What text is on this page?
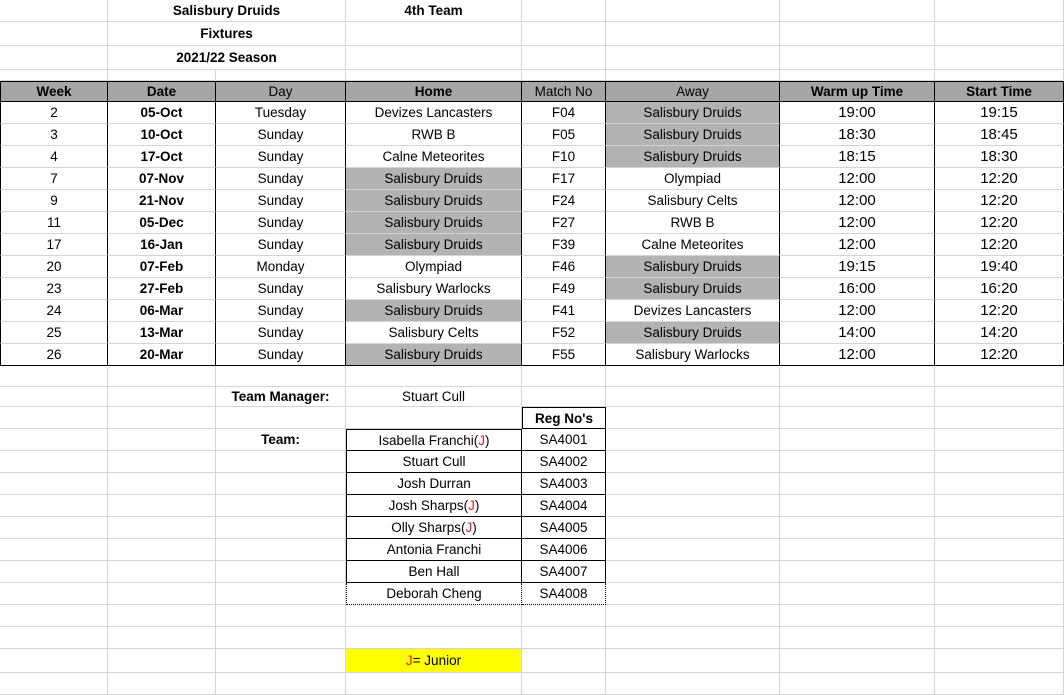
Salisbury Druids	4th Team
Fixtures
2021/22 Season
Week	Date	Day	Home	Match No	Away	Warm up Time	Start Time
2	05-Oct	Tuesday	Devizes Lancasters	F04	Salisbury Druids	19:00	19:15
3	10-Oct	Sunday	RWB B	F05	Salisbury Druids	18:30	18:45
4	17-Oct	Sunday	Calne Meteorites	F10	Salisbury Druids	18:15	18:30
7	07-Nov	Sunday	Salisbury Druids	F17	Olympiad	12:00	12:20
9	21-Nov	Sunday	Salisbury Druids	F24	Salisbury Celts	12:00	12:20
11	05-Dec	Sunday	Salisbury Druids	F27	RWB B	12:00	12:20
17	16-Jan	Sunday	Salisbury Druids	F39	Calne Meteorites	12:00	12:20
20	07-Feb	Monday	Olympiad	F46	Salisbury Druids	19:15	19:40
23	27-Feb	Sunday	Salisbury Warlocks	F49	Salisbury Druids	16:00	16:20
24	06-Mar	Sunday	Salisbury Druids	F41	Devizes Lancasters	12:00	12:20
25	13-Mar	Sunday	Salisbury Celts	F52	Salisbury Druids	14:00	14:20
26	20-Mar	Sunday	Salisbury Druids	F55	Salisbury Warlocks	12:00	12:20
Team Manager:	Stuart Cull
Reg No's
Team:	Isabella Franchi ( J )	SA4001
Stuart Cull	SA4002
Josh Durran	SA4003
Josh Sharps ( J )	SA4004
Olly Sharps ( J )	SA4005
Antonia Franchi	SA4006
Ben Hall	SA4007
Deborah Cheng	SA4008
J = Junior
